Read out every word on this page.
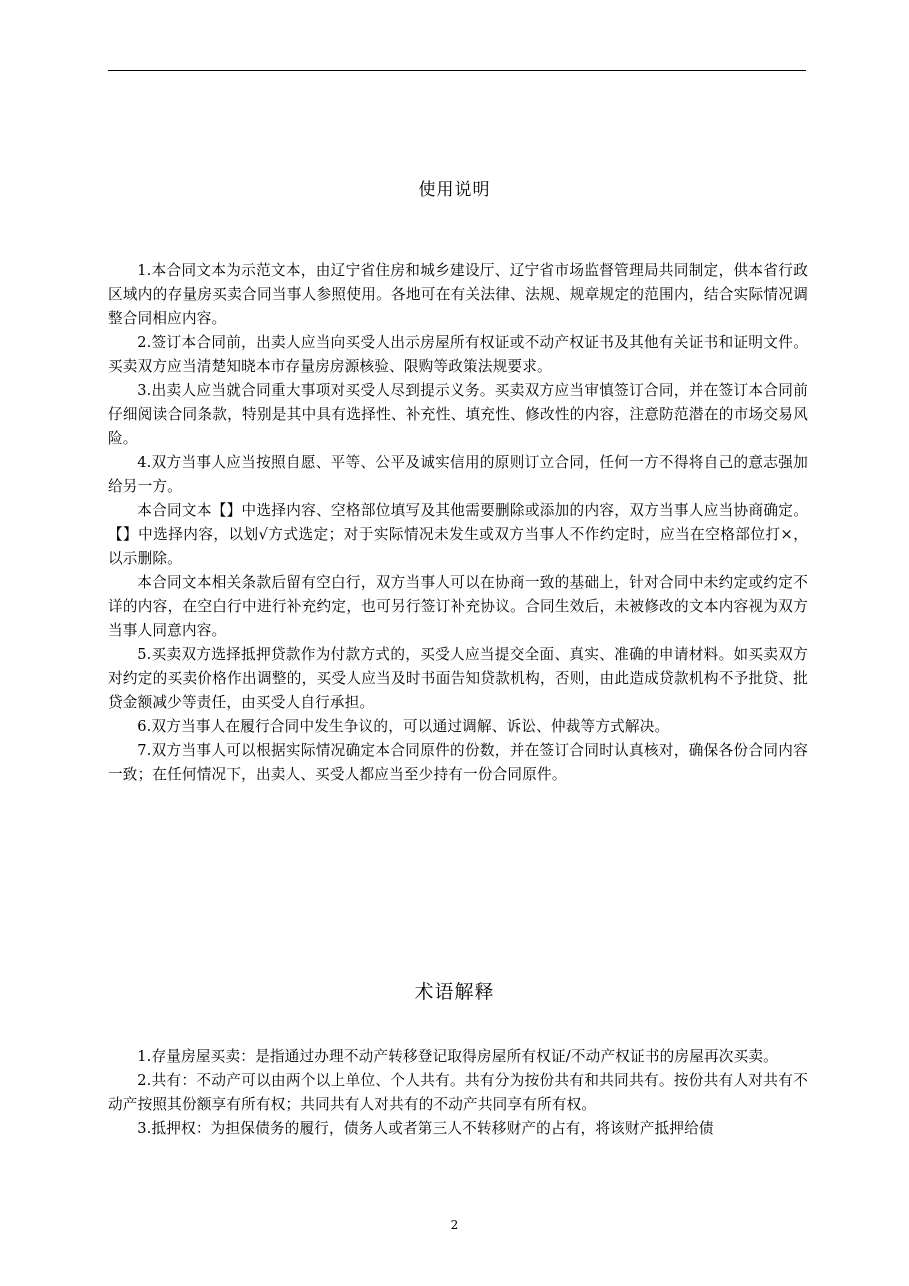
使用说明

1.本合同文本为示范文本，由辽宁省住房和城乡建设厅、辽宁省市场监督管理局共同制定，供本省行政区域内的存量房买卖合同当事人参照使用。各地可在有关法律、法规、规章规定的范围内，结合实际情况调整合同相应内容。

2.签订本合同前，出卖人应当向买受人出示房屋所有权证或不动产权证书及其他有关证书和证明文件。买卖双方应当清楚知晓本市存量房房源核验、限购等政策法规要求。

3.出卖人应当就合同重大事项对买受人尽到提示义务。买卖双方应当审慎签订合同，并在签订本合同前仔细阅读合同条款，特别是其中具有选择性、补充性、填充性、修改性的内容，注意防范潜在的市场交易风险。

4.双方当事人应当按照自愿、平等、公平及诚实信用的原则订立合同，任何一方不得将自己的意志强加给另一方。

本合同文本【】中选择内容、空格部位填写及其他需要删除或添加的内容，双方当事人应当协商确定。【】中选择内容，以划√方式选定；对于实际情况未发生或双方当事人不作约定时，应当在空格部位打×，以示删除。

本合同文本相关条款后留有空白行，双方当事人可以在协商一致的基础上，针对合同中未约定或约定不详的内容，在空白行中进行补充约定，也可另行签订补充协议。合同生效后，未被修改的文本内容视为双方当事人同意内容。

5.买卖双方选择抵押贷款作为付款方式的，买受人应当提交全面、真实、准确的申请材料。如买卖双方对约定的买卖价格作出调整的，买受人应当及时书面告知贷款机构，否则，由此造成贷款机构不予批贷、批贷金额减少等责任，由买受人自行承担。

6.双方当事人在履行合同中发生争议的，可以通过调解、诉讼、仲裁等方式解决。

7.双方当事人可以根据实际情况确定本合同原件的份数，并在签订合同时认真核对，确保各份合同内容一致；在任何情况下，出卖人、买受人都应当至少持有一份合同原件。

术语解释

1.存量房屋买卖：是指通过办理不动产转移登记取得房屋所有权证/不动产权证书的房屋再次买卖。

2.共有：不动产可以由两个以上单位、个人共有。共有分为按份共有和共同共有。按份共有人对共有不动产按照其份额享有所有权；共同共有人对共有的不动产共同享有所有权。

3.抵押权：为担保债务的履行，债务人或者第三人不转移财产的占有，将该财产抵押给债

2
